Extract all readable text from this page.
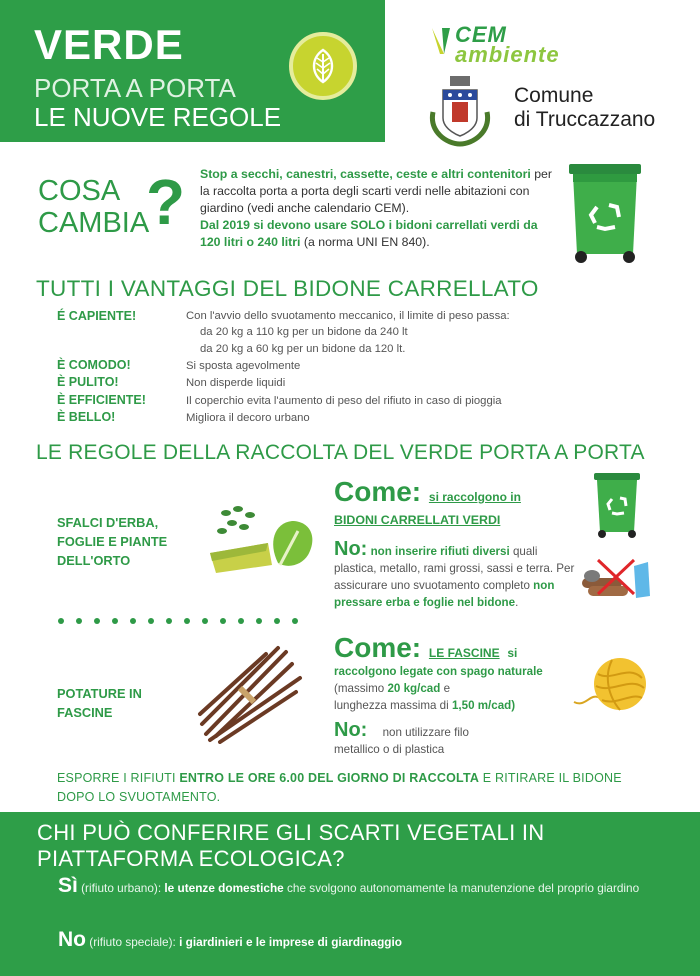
VERDE
PORTA A PORTA
LE NUOVE REGOLE
CEM
ambiente
Comune
di Truccazzano
COSA
CAMBIA
? Stop a secchi, canestri, cassette, ceste e altri contenitori per la raccolta porta a porta degli scarti verdi nelle abitazioni con giardino (vedi anche calendario CEM).
Dal 2019 si devono usare SOLO i bidoni carrellati verdi da 120 litri o 240 litri (a norma UNI EN 840).
TUTTI I VANTAGGI DEL BIDONE CARRELLATO
É CAPIENTE!	Con l'avvio dello svuotamento meccanico, il limite di peso passa:
da 20 kg a 110 kg per un bidone da 240 lt
da 20 kg a 60 kg per un bidone da 120 lt.
È COMODO!	Si sposta agevolmente
È PULITO!	Non disperde liquidi
È EFFICIENTE!	Il coperchio evita l'aumento di peso del rifiuto in caso di pioggia
È BELLO!	Migliora il decoro urbano
LE REGOLE DELLA RACCOLTA DEL VERDE PORTA A PORTA
SFALCI D'ERBA,
FOGLIE E PIANTE
DELL'ORTO
Come: si raccolgono in
BIDONI CARRELLATI VERDI
No: non inserire rifiuti diversi quali plastica, metallo, rami grossi, sassi e terra. Per assicurare uno svuotamento completo non pressare erba e foglie nel bidone.
POTATURE IN
FASCINE
Come: LE FASCINE si
raccolgono legate con spago naturale
(massimo 20 kg/cad e
lunghezza massima di 1,50 m/cad)
No: non utilizzare filo
metallico o di plastica
ESPORRE I RIFIUTI ENTRO LE ORE 6.00 DEL GIORNO DI RACCOLTA E RITIRARE IL BIDONE DOPO LO SVUOTAMENTO.
CHI PUÒ CONFERIRE GLI SCARTI VEGETALI IN
PIATTAFORMA ECOLOGICA?
Sì (rifiuto urbano): le utenze domestiche che svolgono autonomamente la manutenzione del proprio giardino
No (rifiuto speciale): i giardinieri e le imprese di giardinaggio
